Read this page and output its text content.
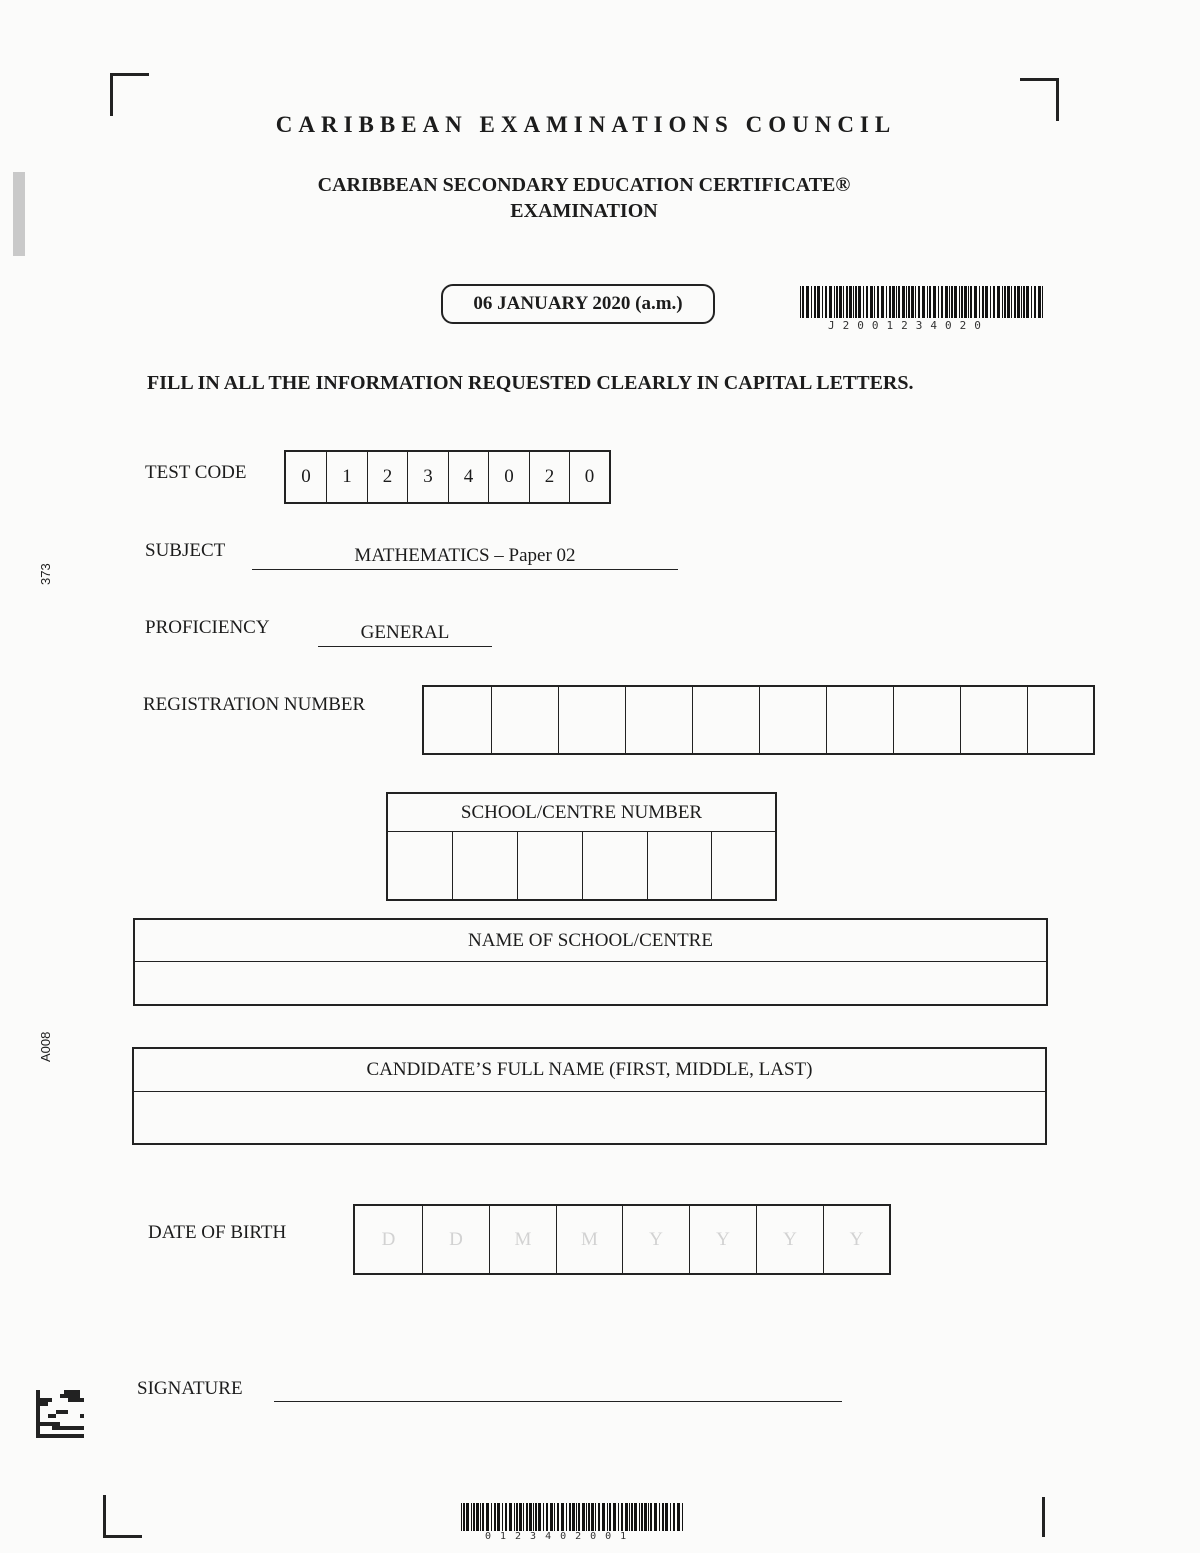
CARIBBEAN EXAMINATIONS COUNCIL
CARIBBEAN SECONDARY EDUCATION CERTIFICATE®
EXAMINATION
06 JANUARY 2020 (a.m.)
J2001234020
FILL IN ALL THE INFORMATION REQUESTED CLEARLY IN CAPITAL LETTERS.
TEST CODE	0	1	2	3	4	0	2	0
373
SUBJECT	MATHEMATICS – Paper 02
PROFICIENCY	GENERAL
REGISTRATION NUMBER
SCHOOL/CENTRE NUMBER
NAME OF SCHOOL/CENTRE
A008
CANDIDATE’S FULL NAME (FIRST, MIDDLE, LAST)
DATE OF BIRTH	D	D	M	M	Y	Y	Y	Y
SIGNATURE
0123402001
